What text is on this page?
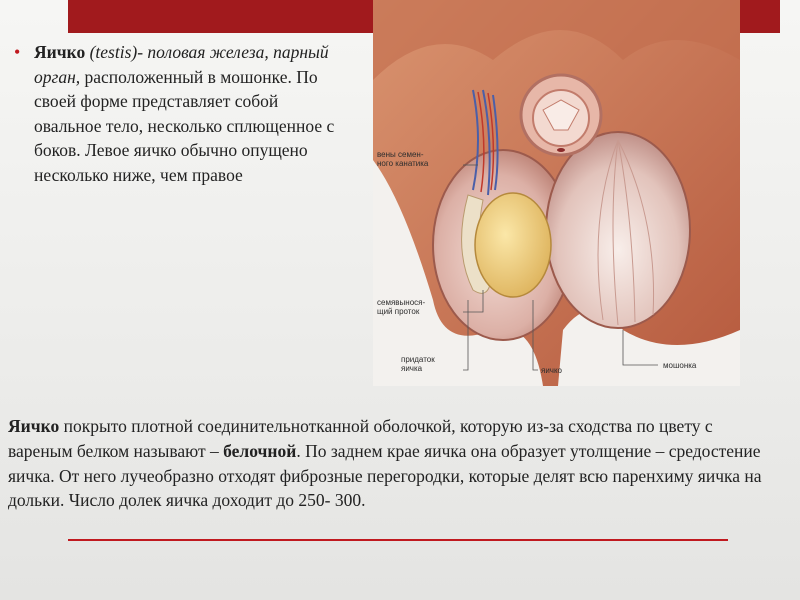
• Яичко (testis)- половая железа, парный орган, расположенный в мошонке. По своей форме представляет собой овальное тело, несколько сплющенное с боков. Левое яичко обычно опущено несколько ниже, чем правое
вены семен-
ного канатика
семявынося-
щий проток
придаток
яичка	яичко
мошонка
Яичко покрыто плотной соединительнотканной оболочкой, которую из-за сходства по цвету с вареным белком называют – белочной. По заднем крае яичка она образует утолщение – средостение яичка. От него лучеобразно отходят фиброзные перегородки, которые делят всю паренхиму яичка на дольки. Число долек яичка доходит до 250- 300.
